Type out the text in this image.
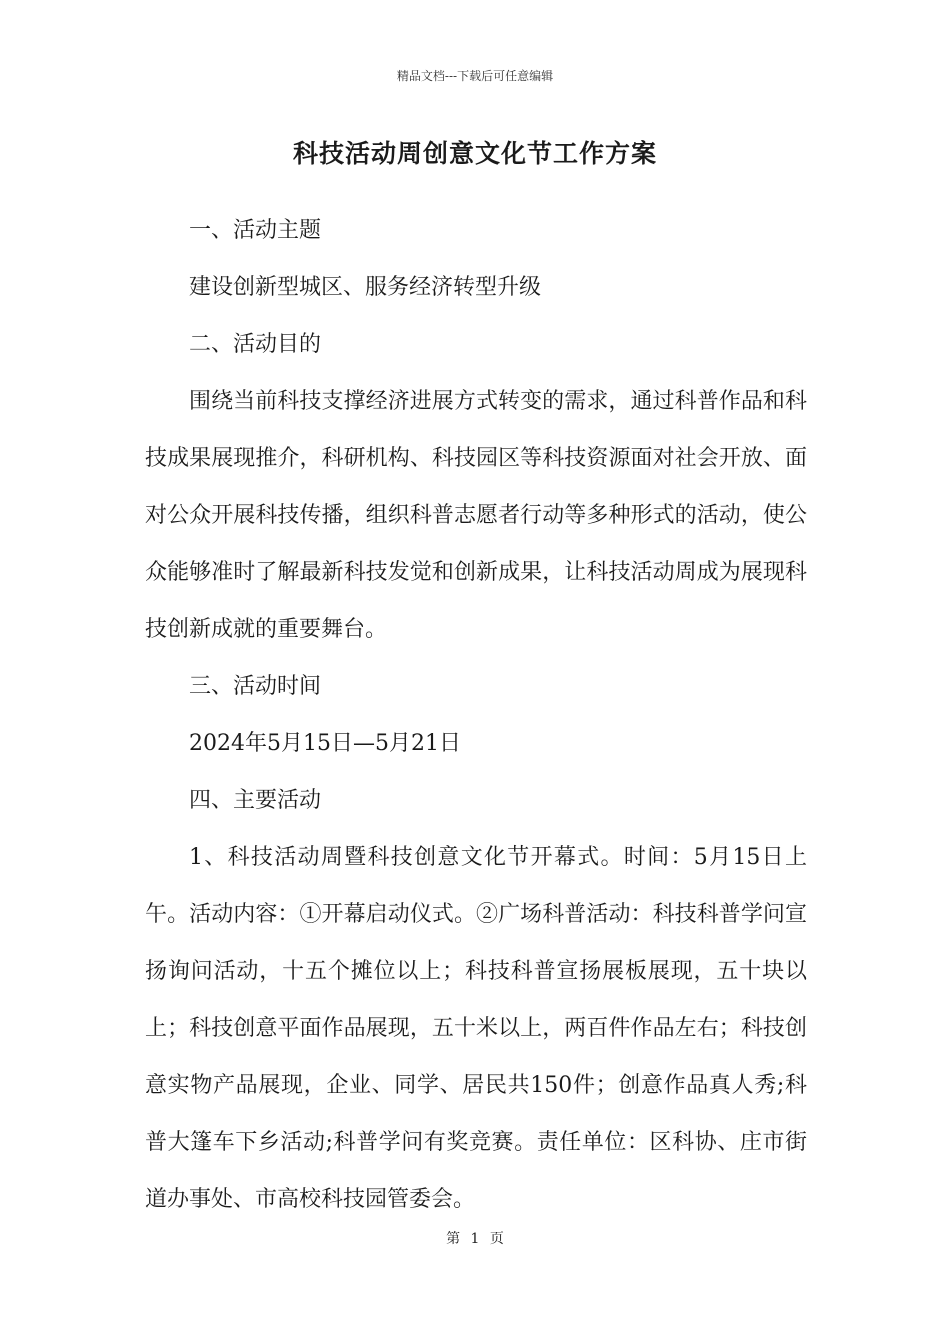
精品文档---下载后可任意编辑
科技活动周创意文化节工作方案

一、活动主题

建设创新型城区、服务经济转型升级

二、活动目的

围绕当前科技支撑经济进展方式转变的需求，通过科普作品和科技成果展现推介，科研机构、科技园区等科技资源面对社会开放、面对公众开展科技传播，组织科普志愿者行动等多种形式的活动，使公众能够准时了解最新科技发觉和创新成果，让科技活动周成为展现科技创新成就的重要舞台。

三、活动时间

2024年5月15日—5月21日

四、主要活动

1、科技活动周暨科技创意文化节开幕式。时间：5月15日上午。活动内容：①开幕启动仪式。②广场科普活动：科技科普学问宣扬询问活动，十五个摊位以上；科技科普宣扬展板展现，五十块以上；科技创意平面作品展现，五十米以上，两百件作品左右；科技创意实物产品展现，企业、同学、居民共150件；创意作品真人秀;科普大篷车下乡活动;科普学问有奖竞赛。责任单位：区科协、庄市街道办事处、市高校科技园管委会。

第 1 页
